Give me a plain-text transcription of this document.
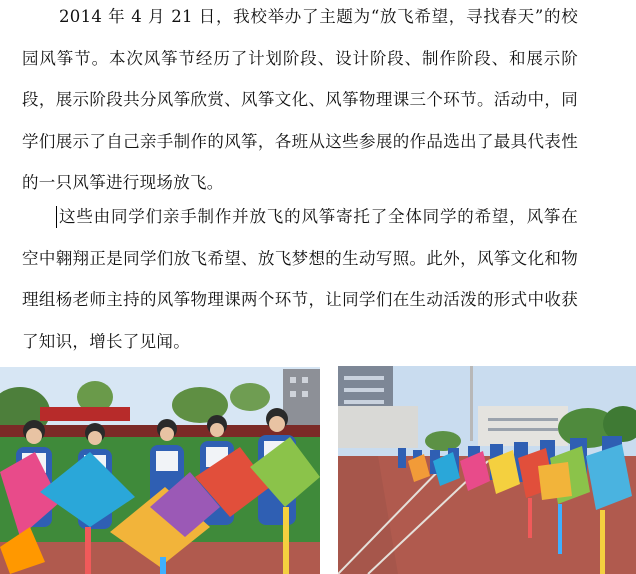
2014 年 4 月 21 日，我校举办了主题为“放飞希望，寻找春天”的校园风筝节。本次风筝节经历了计划阶段、设计阶段、制作阶段、和展示阶段，展示阶段共分风筝欣赏、风筝文化、风筝物理课三个环节。活动中，同学们展示了自己亲手制作的风筝，各班从这些参展的作品选出了最具代表性的一只风筝进行现场放飞。

这些由同学们亲手制作并放飞的风筝寄托了全体同学的希望，风筝在空中翱翔正是同学们放飞希望、放飞梦想的生动写照。此外，风筝文化和物理组杨老师主持的风筝物理课两个环节，让同学们在生动活泼的形式中收获了知识，增长了见闻。
